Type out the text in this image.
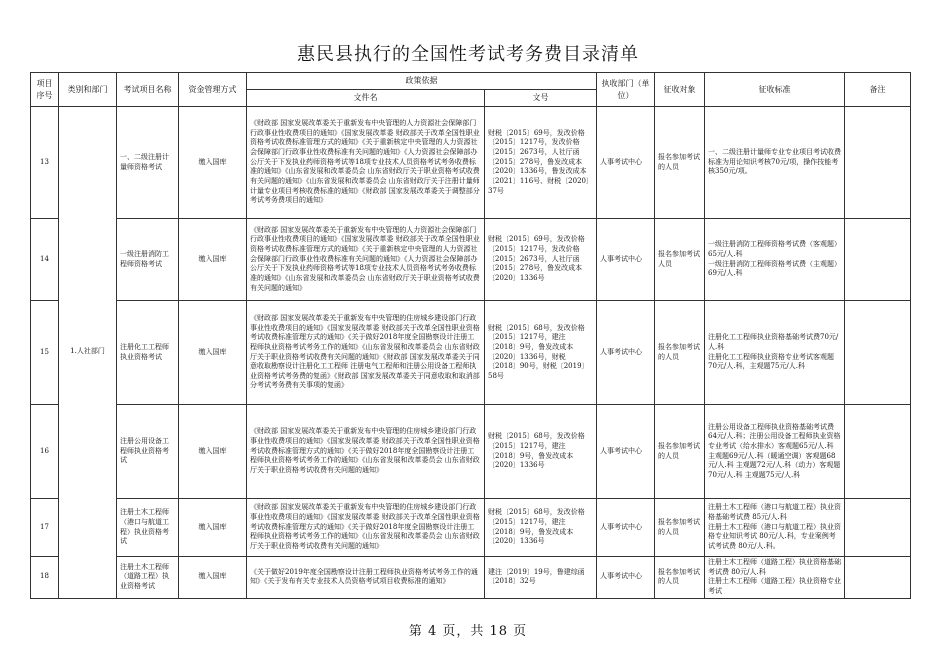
惠民县执行的全国性考试考务费目录清单
项目序号	类别和部门	考试项目名称	资金管理方式	政策依据		执收部门（单位）	征收对象	征收标准	备注
				文件名	文号				
13	1.人社部门	一、二级注册计量师资格考试	缴入国库	《财政部 国家发展改革委关于重新发布中央管理的人力资源社会保障部门行政事业性收费项目的通知》《国家发展改革委 财政部关于改革全国性职业资格考试收费标准管理方式的通知》《关于重新核定中央管理的人力资源社会保障部门行政事业性收费标准有关问题的通知》《人力资源社会保障部办公厅关于下发执业药师资格考试等18项专业技术人员资格考试考务收费标准的通知》《山东省发展和改革委员会 山东省财政厅关于职业资格考试收费有关问题的通知》《山东省发展和改革委员会 山东省财政厅关于注册计量师计量专业项目考核收费标准的通知》《财政部 国家发展改革委关于调整部分考试考务费项目的通知》	财税〔2015〕69号，发改价格〔2015〕1217号，发改价格〔2015〕2673号，人社厅函〔2015〕278号，鲁发改成本〔2020〕1336号，鲁发改成本〔2021〕116号、财税〔2020〕37号	人事考试中心	报名参加考试的人员	一、二级注册计量师专业专业项目考试收费标准为用论知识考核70元/项，操作技能考核350元/项。	
14		一级注册消防工程师资格考试	缴入国库	《财政部 国家发展改革委关于重新发布中央管理的人力资源社会保障部门行政事业性收费项目的通知》《国家发展改革委 财政部关于改革全国性职业资格考试收费标准管理方式的通知》《关于重新核定中央管理的人力资源社会保障部门行政事业性收费标准有关问题的通知》《人力资源社会保障部办公厅关于下发执业药师资格考试等18项专业技术人员资格考试考务收费标准的通知》《山东省发展和改革委员会 山东省财政厅关于职业资格考试收费有关问题的通知》	财税〔2015〕69号，发改价格〔2015〕1217号，发改价格〔2015〕2673号，人社厅函〔2015〕278号，鲁发改成本〔2020〕1336号	人事考试中心	报名参加考试人员	一级注册消防工程师资格考试费（客观题） 65元/人.科
一级注册消防工程师资格考试费（主观题） 69元/人.科	
15		注册化工工程师执业资格考试	缴入国库	《财政部 国家发展改革委关于重新发布中央管理的住房城乡建设部门行政事业性收费项目的通知》《国家发展改革委 财政部关于改革全国性职业资格考试收费标准管理方式的通知》《关于做好2018年度全国勘察设计注册工程师执业资格考试考务工作的通知》《山东省发展和改革委员会 山东省财政厅关于职业资格考试收费有关问题的通知》《财政部 国家发展改革委关于同意收取勘察设计注册化工工程师 注册电气工程师和注册公用设备工程师执业资格考试考务费的复函》《财政部 国家发展改革委关于同意收取和取消部分考试考务费有关事项的复函》	财税〔2015〕68号，发改价格〔2015〕1217号，建注〔2018〕9号，鲁发改成本〔2020〕1336号，财税〔2018〕90号，财税〔2019〕58号	人事考试中心	报名参加考试的人员	注册化工工程师执业资格基础考试费70元/人.科
注册化工工程师执业资格专业考试客观题70元/人.科，主观题75元/人.科	
16		注册公用设备工程师执业资格考试	缴入国库	《财政部 国家发展改革委关于重新发布中央管理的住房城乡建设部门行政事业性收费项目的通知》《国家发展改革委 财政部关于改革全国性职业资格考试收费标准管理方式的通知》《关于做好2018年度全国勘察设计注册工程师执业资格考试考务工作的通知》《山东省发展和改革委员会 山东省财政厅关于职业资格考试收费有关问题的通知》	财税〔2015〕68号，发改价格〔2015〕1217号，建注〔2018〕9号，鲁发改成本〔2020〕1336号	人事考试中心	报名参加考试的人员	注册公用设备工程师执业资格基础考试费 64元/人.科；注册公用设备工程师执业资格专业考试（给水排水）客观题65元/人.科 主观题69元/人.科（暖通空调）客观题68元/人.科 主观题72元/人.科（动力）客观题70元/人.科 主观题75元/人.科	
17		注册土木工程师（港口与航道工程）执业资格考试	缴入国库	《财政部 国家发展改革委关于重新发布中央管理的住房城乡建设部门行政事业性收费项目的通知》《国家发展改革委 财政部关于改革全国性职业资格考试收费标准管理方式的通知》《关于做好2018年度全国勘察设计注册工程师执业资格考试考务工作的通知》《山东省发展和改革委员会 山东省财政厅关于职业资格考试收费有关问题的通知》	财税〔2015〕68号，发改价格〔2015〕1217号，建注〔2018〕9号，鲁发改成本〔2020〕1336号	人事考试中心	报名参加考试的人员	注册土木工程师（港口与航道工程）执业资格基础考试费 85元/人.科
注册土木工程师（港口与航道工程）执业资格专业知识考试 80元/人.科，专业案例考试考试费 80元/人.科。	
18		注册土木工程师（道路工程）执业资格考试	缴入国库	《关于做好2019年度全国勘察设计注册工程师执业资格考试考务工作的通知》《关于发布有关专业技术人员资格考试项目收费标准的通知》	建注〔2019〕19号，鲁建综函〔2018〕32号	人事考试中心	报名参加考试的人员	注册土木工程师（道路工程）执业资格基础考试费 80元/人.科
注册土木工程师（道路工程）执业资格专业考试	
第 4 页，共 18 页
